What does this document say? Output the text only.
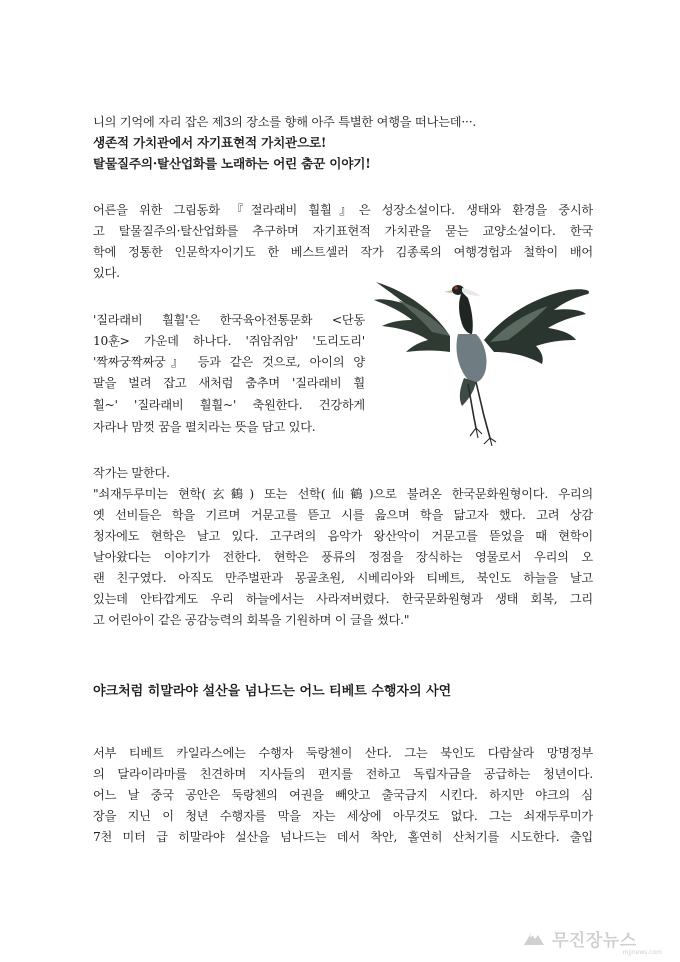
니의 기억에 자리 잡은 제3의 장소를 향해 아주 특별한 여행을 떠나는데···.
생존적 가치관에서 자기표현적 가치관으로!
탈물질주의·탈산업화를 노래하는 어린 춤꾼 이야기!
어른을 위한 그림동화 『절라래비 훨훨』은 성장소설이다. 생태와 환경을 중시하
고 탈물질주의·탈산업화를 추구하며 자기표현적 가치관을 묻는 교양소설이다. 한국
학에 정통한 인문학자이기도 한 베스트셀러 작가 김종록의 여행경험과 철학이 배어
있다.
'질라래비 훨훨'은 한국육아전통문화 <단동
10훈> 가운데 하나다. '쥐암쥐암' '도리도리'
'짝짜궁짝짜궁』 등과 같은 것으로, 아이의 양
팔을 벌려 잡고 새처럼 춤추며 '질라래비 훨
훨~' '질라래비 훨훨~' 축원한다. 건강하게
자라나 맘껏 꿈을 펼치라는 뜻을 담고 있다.
작가는 말한다.
"쇠재두루미는 현학(玄鶴) 또는 선학(仙鶴)으로 불려온 한국문화원형이다. 우리의
옛 선비들은 학을 기르며 거문고를 뜯고 시를 읊으며 학을 닮고자 했다. 고려 상감
청자에도 현학은 날고 있다. 고구려의 음악가 왕산악이 거문고를 뜯었을 때 현학이
날아왔다는 이야기가 전한다. 현학은 풍류의 정점을 장식하는 영물로서 우리의 오
랜 친구였다. 아직도 만주벌판과 몽골초원, 시베리아와 티베트, 북인도 하늘을 날고
있는데 안타깝게도 우리 하늘에서는 사라져버렸다. 한국문화원형과 생태 회복, 그리
고 어린아이 같은 공감능력의 회복을 기원하며 이 글을 썼다."
야크처럼 히말라야 설산을 넘나드는 어느 티베트 수행자의 사연
서부 티베트 카일라스에는 수행자 둑랑첸이 산다. 그는 북인도 다람살라 망명정부
의 달라이라마를 친견하며 지사들의 편지를 전하고 독립자금을 공급하는 청년이다.
어느 날 중국 공안은 둑랑첸의 여권을 빼앗고 출국금지 시킨다. 하지만 야크의 심
장을 지닌 이 청년 수행자를 막을 자는 세상에 아무것도 없다. 그는 쇠재두루미가
7천 미터 급 히말라야 설산을 넘나드는 데서 착안, 홀연히 산처기를 시도한다. 출입
무진장뉴스
mjjnews.com
